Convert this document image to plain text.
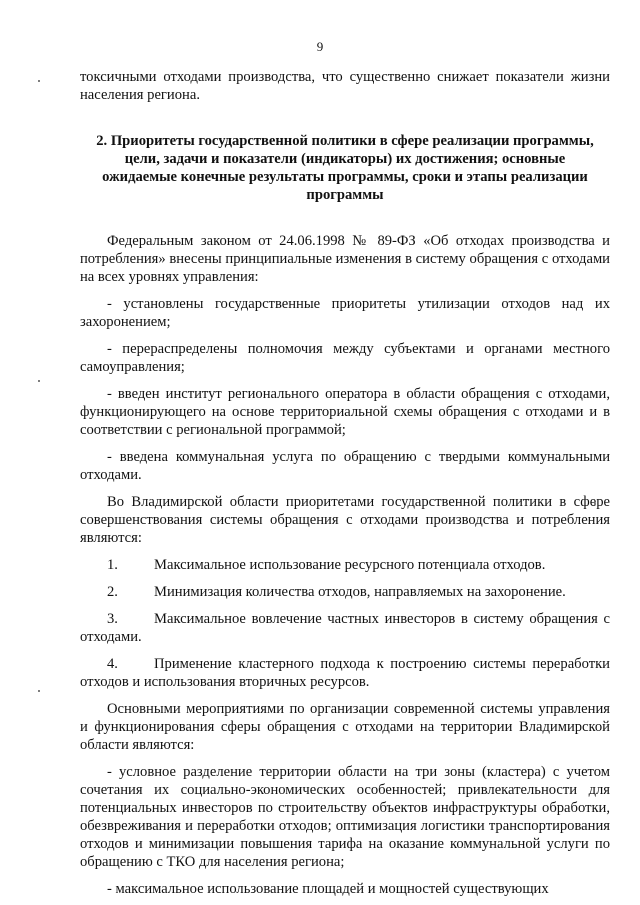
9

токсичными отходами производства, что существенно снижает показатели жизни населения региона.

2. Приоритеты государственной политики в сфере реализации программы, цели, задачи и показатели (индикаторы) их достижения; основные ожидаемые конечные результаты программы, сроки и этапы реализации программы

Федеральным законом от 24.06.1998 № 89-ФЗ «Об отходах производства и потребления» внесены принципиальные изменения в систему обращения с отходами на всех уровнях управления:

- установлены государственные приоритеты утилизации отходов над их захоронением;

- перераспределены полномочия между субъектами и органами местного самоуправления;

- введен институт регионального оператора в области обращения с отходами, функционирующего на основе территориальной схемы обращения с отходами и в соответствии с региональной программой;

- введена коммунальная услуга по обращению с твердыми коммунальными отходами.

Во Владимирской области приоритетами государственной политики в сфере совершенствования системы обращения с отходами производства и потребления являются:

1. Максимальное использование ресурсного потенциала отходов.

2. Минимизация количества отходов, направляемых на захоронение.

3. Максимальное вовлечение частных инвесторов в систему обращения с отходами.

4. Применение кластерного подхода к построению системы переработки отходов и использования вторичных ресурсов.

Основными мероприятиями по организации современной системы управления и функционирования сферы обращения с отходами на территории Владимирской области являются:

- условное разделение территории области на три зоны (кластера) с учетом сочетания их социально-экономических особенностей; привлекательности для потенциальных инвесторов по строительству объектов инфраструктуры обработки, обезвреживания и переработки отходов; оптимизация логистики транспортирования отходов и минимизации повышения тарифа на оказание коммунальной услуги по обращению с ТКО для населения региона;

- максимальное использование площадей и мощностей существующих
